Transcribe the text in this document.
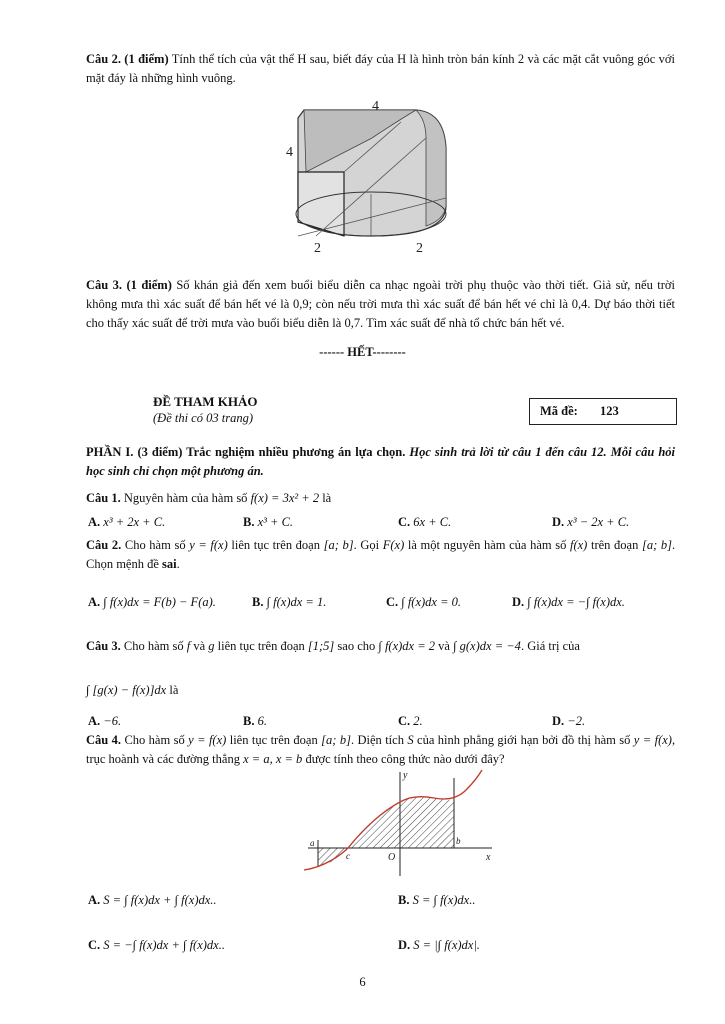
Câu 2. (1 điểm) Tính thể tích của vật thể H sau, biết đáy của H là hình tròn bán kính 2 và các mặt cắt vuông góc với mặt đáy là những hình vuông.
4
4
2	2
Câu 3. (1 điểm) Số khán giả đến xem buổi biểu diễn ca nhạc ngoài trời phụ thuộc vào thời tiết. Giả sử, nếu trời không mưa thì xác suất để bán hết vé là 0,9; còn nếu trời mưa thì xác suất để bán hết vé chỉ là 0,4. Dự báo thời tiết cho thấy xác suất để trời mưa vào buổi biểu diễn là 0,7. Tìm xác suất để nhà tổ chức bán hết vé.
------ HẾT--------
ĐỀ THAM KHẢO
(Đề thi có 03 trang)	Mã đề: 123
PHẦN I. (3 điểm) Trắc nghiệm nhiều phương án lựa chọn. Học sinh trả lời từ câu 1 đến câu 12. Mỗi câu hỏi học sinh chỉ chọn một phương án.
Câu 1. Nguyên hàm của hàm số f(x) = 3x² + 2 là
A. x³ + 2x + C.	B. x³ + C.	C. 6x + C.	D. x³ − 2x + C.
Câu 2. Cho hàm số y = f(x) liên tục trên đoạn [a; b]. Gọi F(x) là một nguyên hàm của hàm số f(x) trên đoạn [a; b]. Chọn mệnh đề sai.
A. ∫ f(x)dx = F(b) − F(a).	B. ∫ f(x)dx = 1.	C. ∫ f(x)dx = 0.	D. ∫ f(x)dx = −∫ f(x)dx.
Câu 3. Cho hàm số f và g liên tục trên đoạn [1;5] sao cho ∫ f(x)dx = 2 và ∫ g(x)dx = −4. Giá trị của
∫ [g(x) − f(x)]dx là
A. −6.	B. 6.	C. 2.	D. −2.
Câu 4. Cho hàm số y = f(x) liên tục trên đoạn [a; b]. Diện tích S của hình phẳng giới hạn bởi đồ thị hàm số y = f(x), trục hoành và các đường thẳng x = a, x = b được tính theo công thức nào dưới đây?
y
x
a
c	O
b
A. S = ∫ f(x)dx + ∫ f(x)dx..	B. S = ∫ f(x)dx..
C. S = −∫ f(x)dx + ∫ f(x)dx..	D. S = |∫ f(x)dx|.
6
